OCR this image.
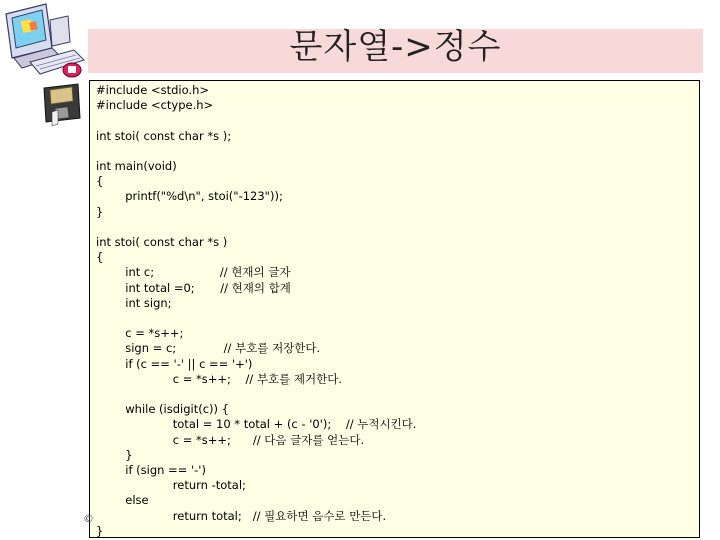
문자열->정수
#include <stdio.h>
#include <ctype.h>
int stoi( const char *s );
int main(void)
{
printf("%d\n", stoi("-123"));
}
int stoi( const char *s )
{
int c;                  // 현재의 글자
int total =0;       // 현재의 합계
int sign;
c = *s++;
sign = c;             // 부호를 저장한다.
if (c == '-' || c == '+')
c = *s++;    // 부호를 제거한다.
while (isdigit(c)) {
total = 10 * total + (c - '0');    // 누적시킨다.
c = *s++;      // 다음 글자를 얻는다.
}
if (sign == '-')
return -total;
else
return total;   // 필요하면 음수로 만든다.
}
©
